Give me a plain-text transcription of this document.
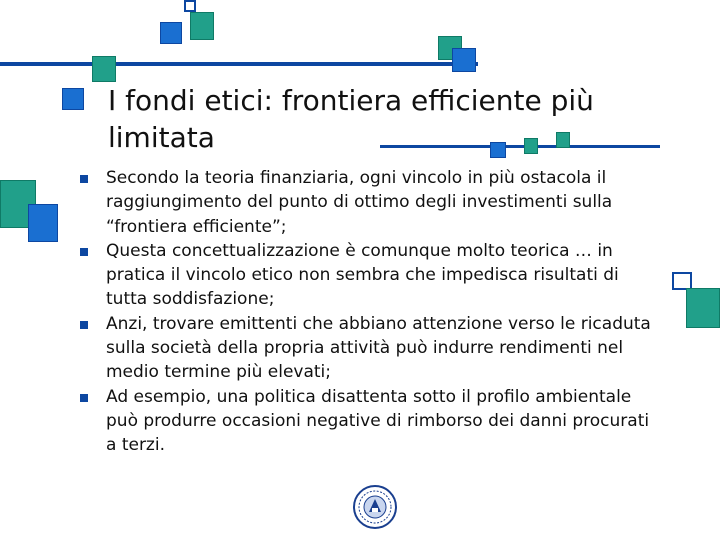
I fondi etici: frontiera efficiente più
limitata
Secondo la teoria finanziaria, ogni vincolo in più ostacola il raggiungimento del punto di ottimo degli investimenti sulla “frontiera efficiente”;
Questa concettualizzazione è comunque molto teorica … in pratica il vincolo etico non sembra che impedisca risultati di tutta soddisfazione;
Anzi, trovare emittenti che abbiano attenzione verso le ricaduta sulla società della propria attività può indurre rendimenti nel medio termine più elevati;
Ad esempio, una politica disattenta sotto il profilo ambientale può produrre occasioni negative di rimborso dei danni procurati a terzi.
